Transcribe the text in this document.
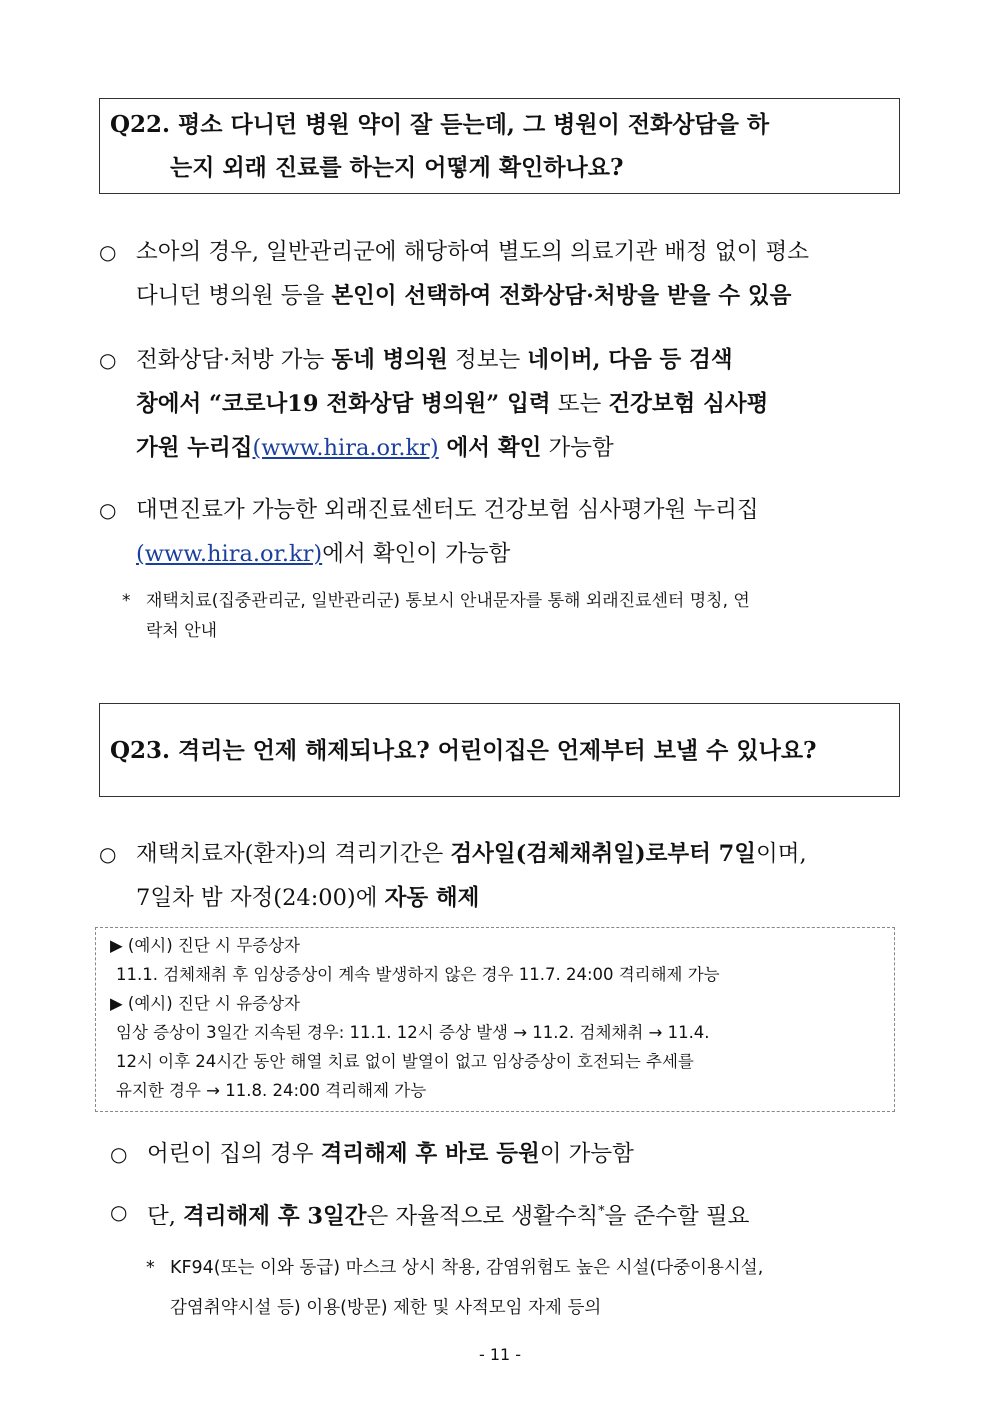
Q22. 평소 다니던 병원 약이 잘 듣는데, 그 병원이 전화상담을 하
는지 외래 진료를 하는지 어떻게 확인하나요?
○ 소아의 경우, 일반관리군에 해당하여 별도의 의료기관 배정 없이 평소
다니던 병의원 등을 본인이 선택하여 전화상담·처방을 받을 수 있음
○ 전화상담·처방 가능 동네 병의원 정보는 네이버, 다음 등 검색
창에서 “코로나19 전화상담 병의원” 입력 또는 건강보험 심사평
가원 누리집(www.hira.or.kr) 에서 확인 가능함
○ 대면진료가 가능한 외래진료센터도 건강보험 심사평가원 누리집
(www.hira.or.kr)에서 확인이 가능함
* 재택치료(집중관리군, 일반관리군) 통보시 안내문자를 통해 외래진료센터 명칭, 연
락처 안내
Q23. 격리는 언제 해제되나요? 어린이집은 언제부터 보낼 수 있나요?
○ 재택치료자(환자)의 격리기간은 검사일(검체채취일)로부터 7일이며,
7일차 밤 자정(24:00)에 자동 해제
▶ (예시) 진단 시 무증상자
11.1. 검체채취 후 임상증상이 계속 발생하지 않은 경우 11.7. 24:00 격리해제 가능
▶ (예시) 진단 시 유증상자
임상 증상이 3일간 지속된 경우: 11.1. 12시 증상 발생 → 11.2. 검체채취 → 11.4.
12시 이후 24시간 동안 해열 치료 없이 발열이 없고 임상증상이 호전되는 추세를
유지한 경우 → 11.8. 24:00 격리해제 가능
○ 어린이 집의 경우 격리해제 후 바로 등원이 가능함
○ 단, 격리해제 후 3일간은 자율적으로 생활수칙*을 준수할 필요
* KF94(또는 이와 동급) 마스크 상시 착용, 감염위험도 높은 시설(다중이용시설,
감염취약시설 등) 이용(방문) 제한 및 사적모임 자제 등의
- 11 -
